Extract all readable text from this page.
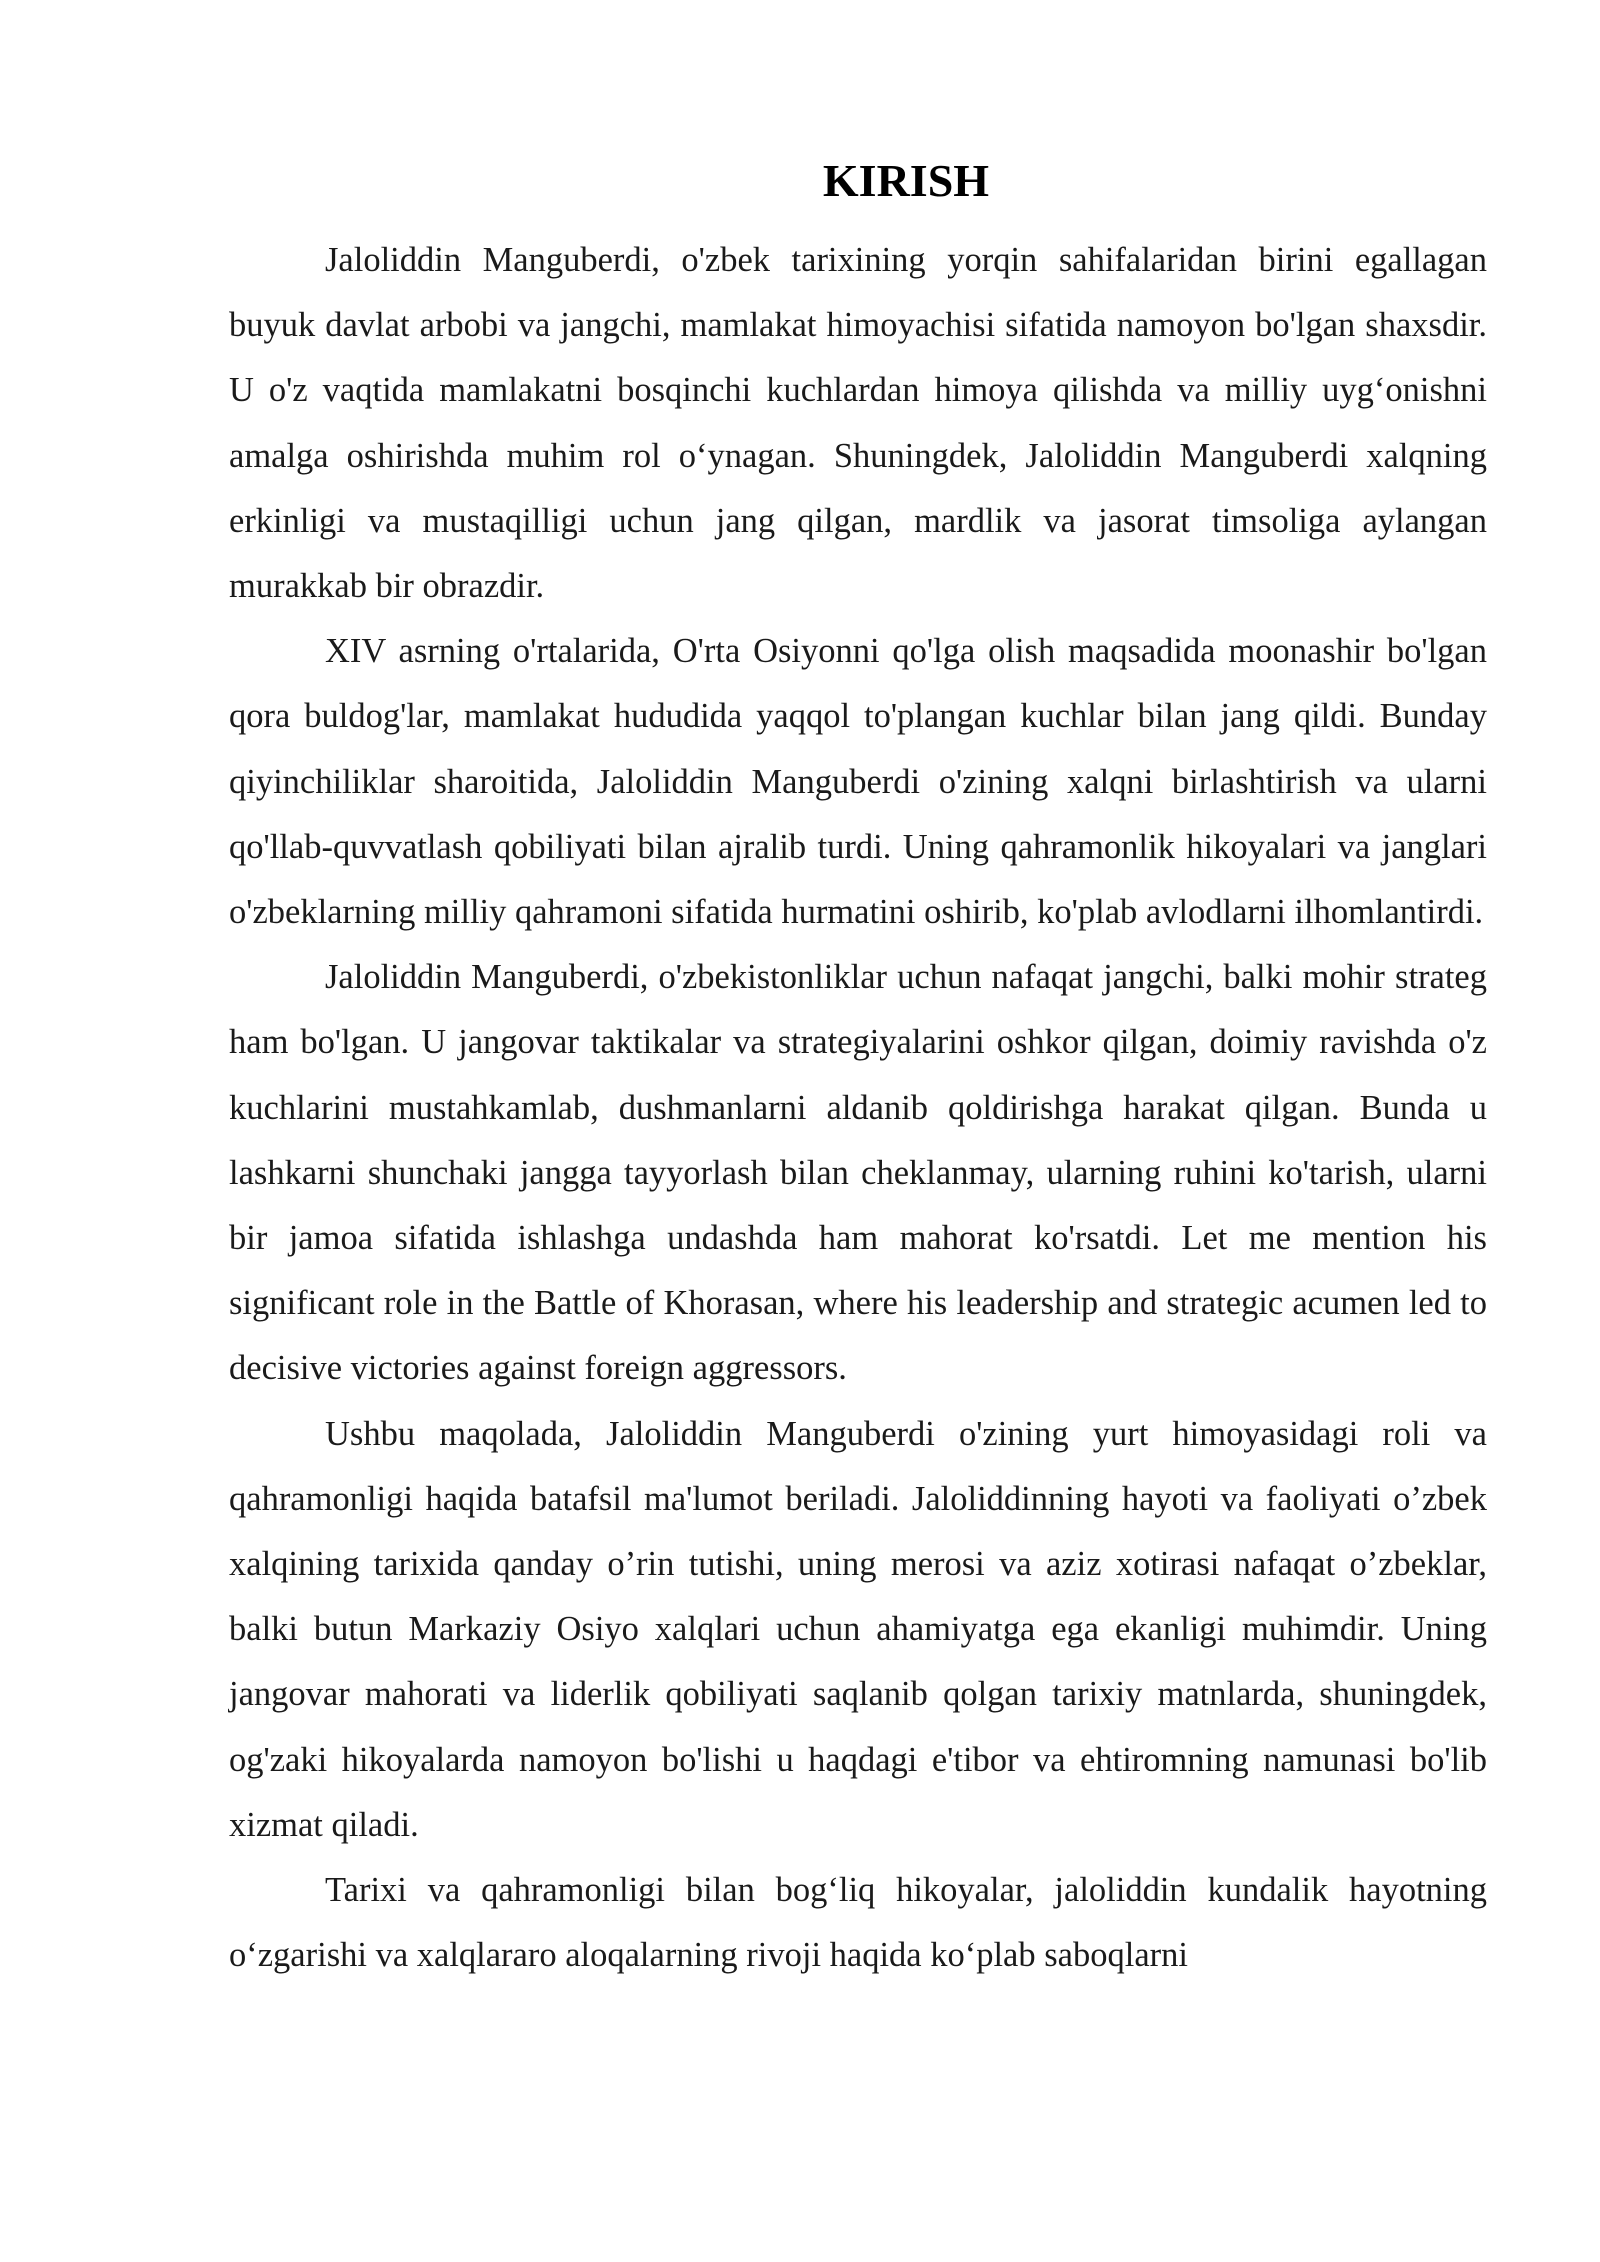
KIRISH

Jaloliddin Manguberdi, o'zbek tarixining yorqin sahifalaridan birini egallagan buyuk davlat arbobi va jangchi, mamlakat himoyachisi sifatida namoyon bo'lgan shaxsdir. U o'z vaqtida mamlakatni bosqinchi kuchlardan himoya qilishda va milliy uyg‘onishni amalga oshirishda muhim rol o‘ynagan. Shuningdek, Jaloliddin Manguberdi xalqning erkinligi va mustaqilligi uchun jang qilgan, mardlik va jasorat timsoliga aylangan murakkab bir obrazdir.

XIV asrning o'rtalarida, O'rta Osiyonni qo'lga olish maqsadida moonashir bo'lgan qora buldog'lar, mamlakat hududida yaqqol to'plangan kuchlar bilan jang qildi. Bunday qiyinchiliklar sharoitida, Jaloliddin Manguberdi o'zining xalqni birlashtirish va ularni qo'llab-quvvatlash qobiliyati bilan ajralib turdi. Uning qahramonlik hikoyalari va janglari o'zbeklarning milliy qahramoni sifatida hurmatini oshirib, ko'plab avlodlarni ilhomlantirdi.

Jaloliddin Manguberdi, o'zbekistonliklar uchun nafaqat jangchi, balki mohir strateg ham bo'lgan. U jangovar taktikalar va strategiyalarini oshkor qilgan, doimiy ravishda o'z kuchlarini mustahkamlab, dushmanlarni aldanib qoldirishga harakat qilgan. Bunda u lashkarni shunchaki jangga tayyorlash bilan cheklanmay, ularning ruhini ko'tarish, ularni bir jamoa sifatida ishlashga undashda ham mahorat ko'rsatdi. Let me mention his significant role in the Battle of Khorasan, where his leadership and strategic acumen led to decisive victories against foreign aggressors.

Ushbu maqolada, Jaloliddin Manguberdi o'zining yurt himoyasidagi roli va qahramonligi haqida batafsil ma'lumot beriladi. Jaloliddinning hayoti va faoliyati o’zbek xalqining tarixida qanday o’rin tutishi, uning merosi va aziz xotirasi nafaqat o’zbeklar, balki butun Markaziy Osiyo xalqlari uchun ahamiyatga ega ekanligi muhimdir. Uning jangovar mahorati va liderlik qobiliyati saqlanib qolgan tarixiy matnlarda, shuningdek, og'zaki hikoyalarda namoyon bo'lishi u haqdagi e'tibor va ehtiromning namunasi bo'lib xizmat qiladi.

Tarixi va qahramonligi bilan bog‘liq hikoyalar, jaloliddin kundalik hayotning o‘zgarishi va xalqlararo aloqalarning rivoji haqida ko‘plab saboqlarni
